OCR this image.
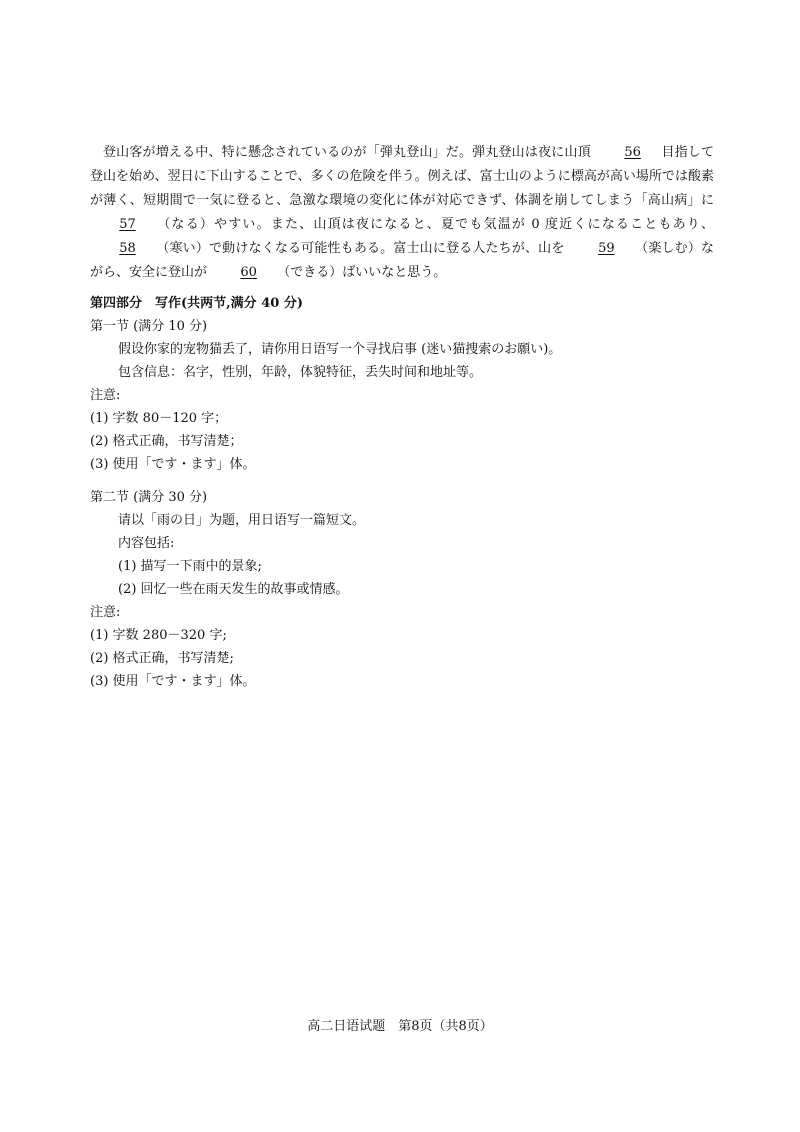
登山客が増える中、特に懸念されているのが「弾丸登山」だ。弾丸登山は夜に山頂	56 目指して登山を始め、翌日に下山することで、多くの危険を伴う。例えば、富士山のように標高が高い場所では酸素が薄く、短期間で一気に登ると、急激な環境の変化に体が対応できず、体調を崩してしまう「高山病」に 57 （なる）やすい。また、山頂は夜になると、夏でも気温が 0 度近くになることもあり、 58 （寒い）で動けなくなる可能性もある。富士山に登る人たちが、山を	59 （楽しむ）ながら、安全に登山が	60 （できる）ばいいなと思う。
第四部分　写作(共两节,满分 40 分)
第一节 (满分 10 分)
假设你家的宠物猫丢了，请你用日语写一个寻找启事 (迷い猫捜索のお願い)。
包含信息：名字，性别，年龄，体貌特征，丢失时间和地址等。
注意:
(1) 字数 80－120 字；
(2) 格式正确，书写清楚；
(3) 使用「です・ます」体。
第二节 (满分 30 分)
请以「雨の日」为题，用日语写一篇短文。
内容包括:
(1) 描写一下雨中的景象;
(2) 回忆一些在雨天发生的故事或情感。
注意:
(1) 字数 280－320 字;
(2) 格式正确，书写清楚;
(3) 使用「です・ます」体。
高二日语试题　第8页（共8页）
